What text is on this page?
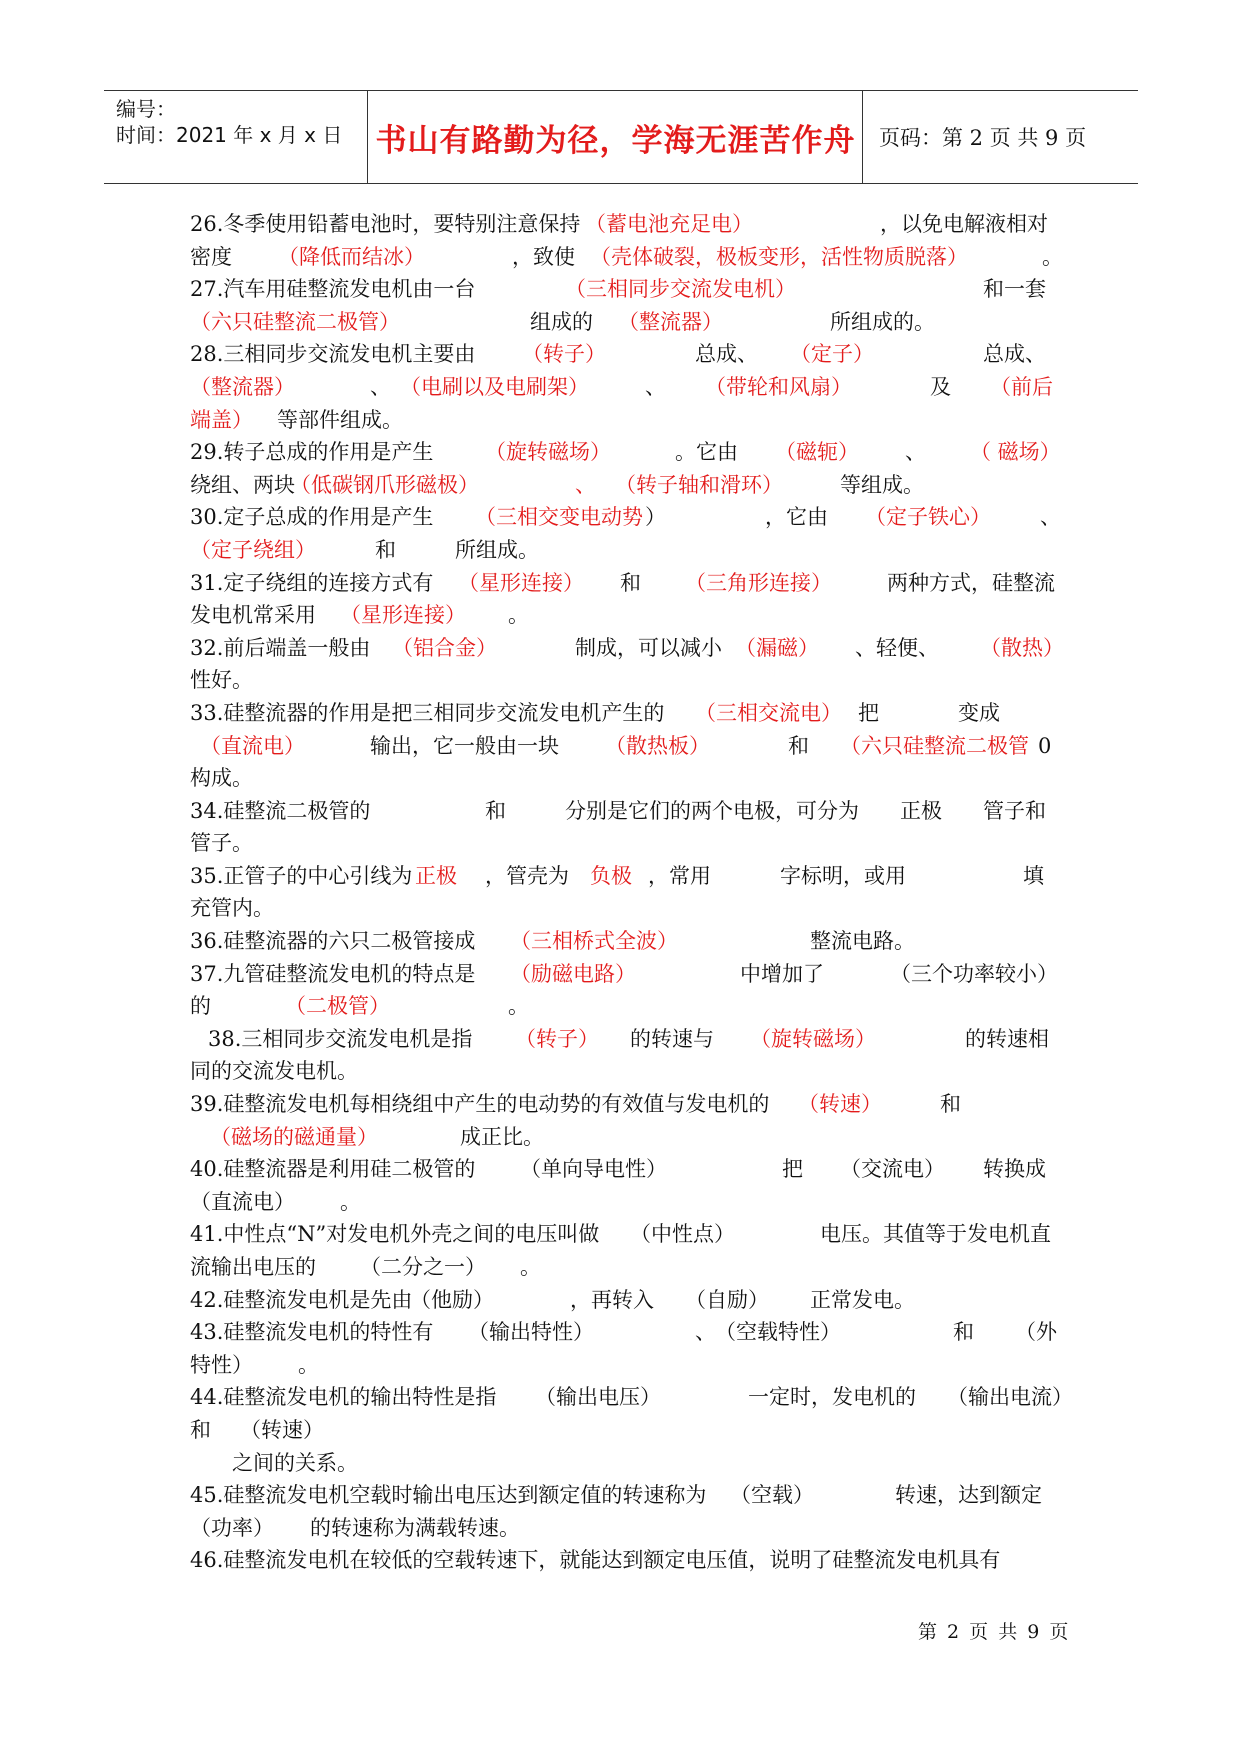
编号：
时间：2021 年 x 月 x 日 书山有路勤为径，学海无涯苦作舟	页码：第 2 页 共 9 页
26.冬季使用铅蓄电池时，要特别注意保持 （蓄电池充足电）	，以免电解液相对
密度 （降低而结冰）	，致使 （壳体破裂，极板变形，活性物质脱落）	。
27.汽车用硅整流发电机由一台	（三相同步交流发电机）	和一套
（六只硅整流二极管）	组成的 （整流器）	所组成的。
28.三相同步交流发电机主要由 （转子）	总成、 （定子）	总成、
（整流器）	、 （电刷以及电刷架）	、 （带轮和风扇）	及 （前后
端盖） 等部件组成。
29.转子总成的作用是产生 （旋转磁场）	。它由 （磁轭） 、 （ 磁场）
绕组、两块
（低碳钢爪形磁极）	、 （转子轴和滑环）	等组成。
30.定子总成的作用是产生 （三相交变电动势 ）	，它由 （定子铁心） 、
（定子绕组）	和	所组成。
31.定子绕组的连接方式有 （星形连接） 和 （三角形连接）	两种方式，硅整流
发电机常采用 （星形连接） 。
32.前后端盖一般由 （铝合金）	制成，可以减小 （漏磁） 、轻便、 （散热）
性好。
33.硅整流器的作用是把三相同步交流发电机产生的 （三相交流电） 把	变成
（直流电）	输出，它一般由一块 （散热板）	和 （六只硅整流二极管 0
构成。
34.硅整流二极管的	和	分别是它们的两个电极，可分为 正极 管子和
管子。
35.正管子的中心引线为 正极 ，管壳为 负极 ，常用	字标明，或用	填
充管内。
36.硅整流器的六只二极管接成 （三相桥式全波）	整流电路。
37.九管硅整流发电机的特点是 （励磁电路）	中增加了	（三个功率较小）
的	（二极管）	。
38.三相同步交流发电机是指 （转子） 的转速与 （旋转磁场）	的转速相
同的交流发电机。
39.硅整流发电机每相绕组中产生的电动势的有效值与发电机的 （转速）	和
（磁场的磁通量）	成正比。
40.硅整流器是利用硅二极管的 （单向导电性）	把 （交流电） 转换成
（直流电） 。
41.中性点“N”对发电机外壳之间的电压叫做 （中性点）	电压。其值等于发电机直
流输出电压的 （二分之一） 。
42.硅整流发电机是先由
（他励）	，再转入 （自励） 正常发电。
43.硅整流发电机的特性有 （输出特性）	、 （空载特性）	和 （外
特性） 。
44.硅整流发电机的输出特性是指 （输出电压）	一定时，发电机的 （输出电流）
和 （转速）
之间的关系。
45.硅整流发电机空载时输出电压达到额定值的转速称为 （空载）	转速，达到额定
（功率） 的转速称为满载转速。
46.硅整流发电机在较低的空载转速下，就能达到额定电压值，说明了硅整流发电机具有
第 2 页 共 9 页
